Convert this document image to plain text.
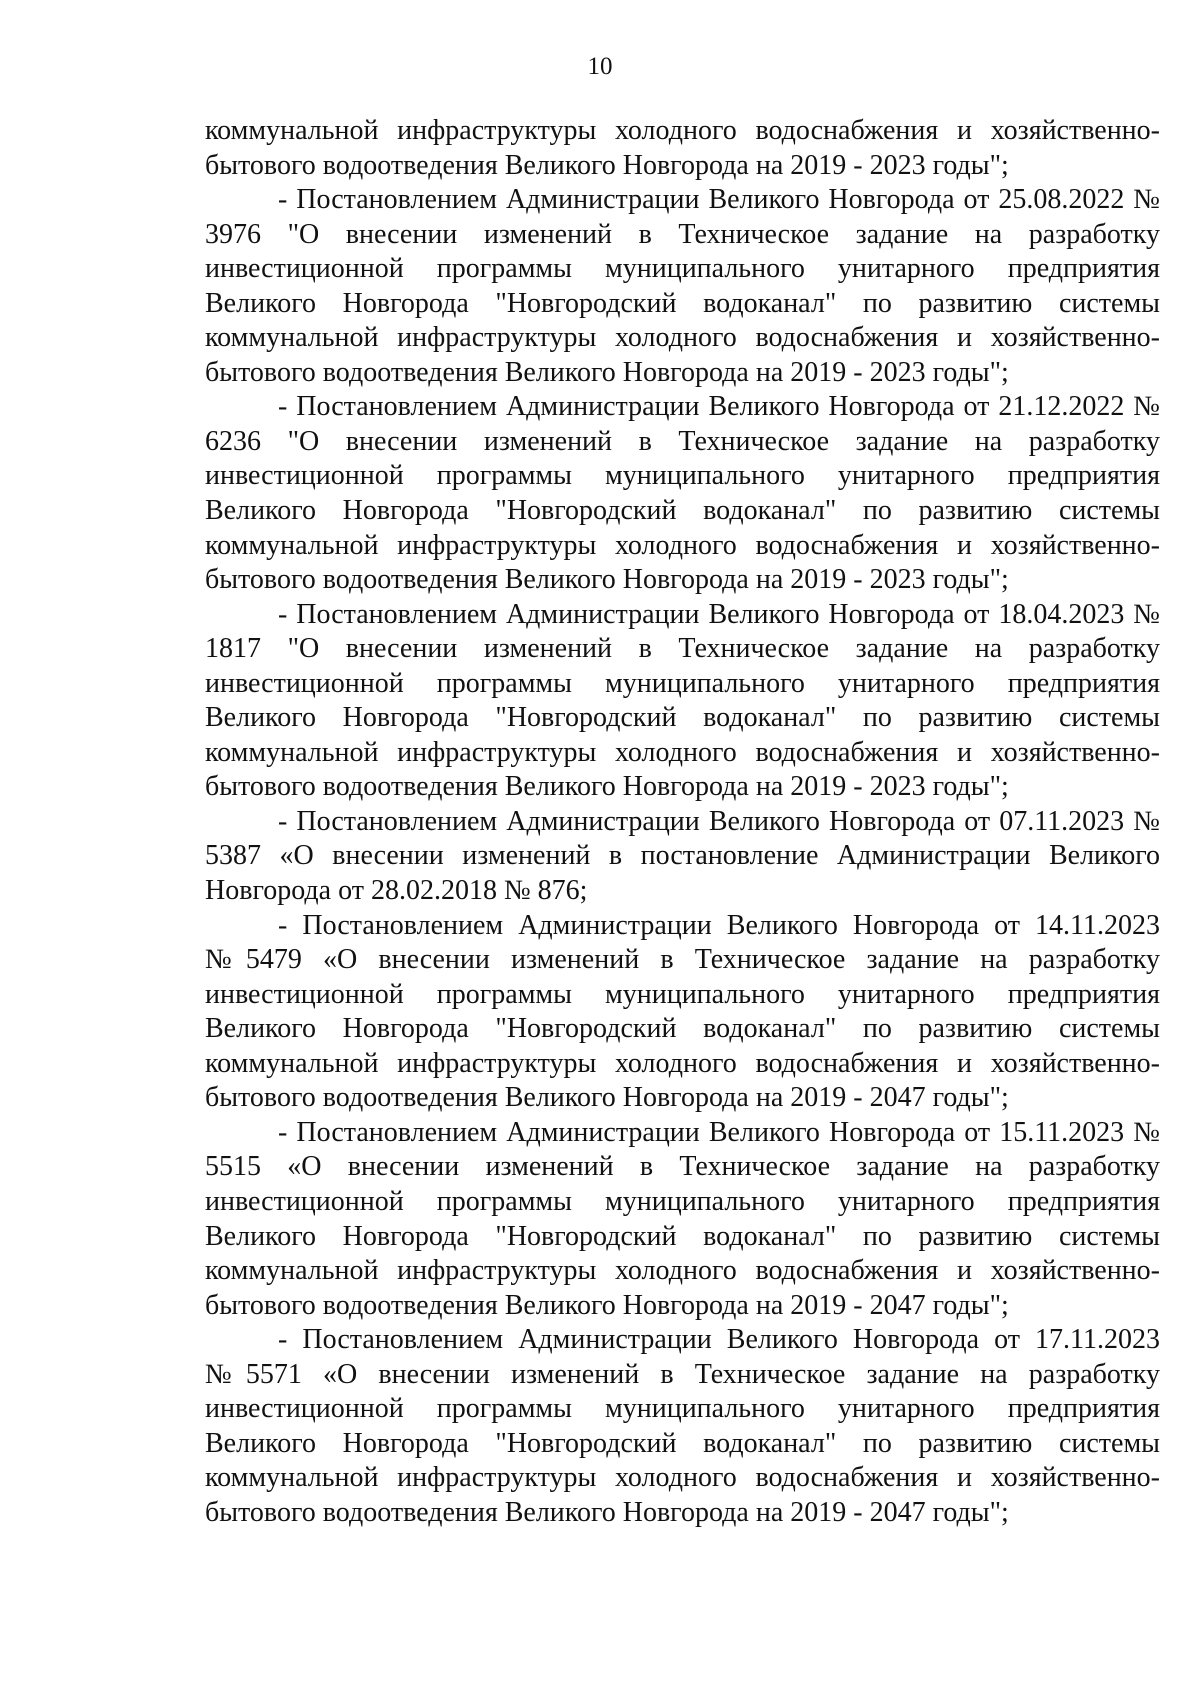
10

коммунальной инфраструктуры холодного водоснабжения и хозяйственно-бытового водоотведения Великого Новгорода на 2019 - 2023 годы";

- Постановлением Администрации Великого Новгорода от 25.08.2022 № 3976 "О внесении изменений в Техническое задание на разработку инвестиционной программы муниципального унитарного предприятия Великого Новгорода "Новгородский водоканал" по развитию системы коммунальной инфраструктуры холодного водоснабжения и хозяйственно-бытового водоотведения Великого Новгорода на 2019 - 2023 годы";

- Постановлением Администрации Великого Новгорода от 21.12.2022 № 6236 "О внесении изменений в Техническое задание на разработку инвестиционной программы муниципального унитарного предприятия Великого Новгорода "Новгородский водоканал" по развитию системы коммунальной инфраструктуры холодного водоснабжения и хозяйственно-бытового водоотведения Великого Новгорода на 2019 - 2023 годы";

- Постановлением Администрации Великого Новгорода от 18.04.2023 № 1817 "О внесении изменений в Техническое задание на разработку инвестиционной программы муниципального унитарного предприятия Великого Новгорода "Новгородский водоканал" по развитию системы коммунальной инфраструктуры холодного водоснабжения и хозяйственно-бытового водоотведения Великого Новгорода на 2019 - 2023 годы";

- Постановлением Администрации Великого Новгорода от 07.11.2023 № 5387 «О внесении изменений в постановление Администрации Великого Новгорода от 28.02.2018 № 876;

- Постановлением Администрации Великого Новгорода от 14.11.2023 №5479 «О внесении изменений в Техническое задание на разработку инвестиционной программы муниципального унитарного предприятия Великого Новгорода "Новгородский водоканал" по развитию системы коммунальной инфраструктуры холодного водоснабжения и хозяйственно-бытового водоотведения Великого Новгорода на 2019 - 2047 годы";

- Постановлением Администрации Великого Новгорода от 15.11.2023 № 5515 «О внесении изменений в Техническое задание на разработку инвестиционной программы муниципального унитарного предприятия Великого Новгорода "Новгородский водоканал" по развитию системы коммунальной инфраструктуры холодного водоснабжения и хозяйственно-бытового водоотведения Великого Новгорода на 2019 - 2047 годы";

- Постановлением Администрации Великого Новгорода от 17.11.2023 №5571 «О внесении изменений в Техническое задание на разработку инвестиционной программы муниципального унитарного предприятия Великого Новгорода "Новгородский водоканал" по развитию системы коммунальной инфраструктуры холодного водоснабжения и хозяйственно-бытового водоотведения Великого Новгорода на 2019 - 2047 годы";
